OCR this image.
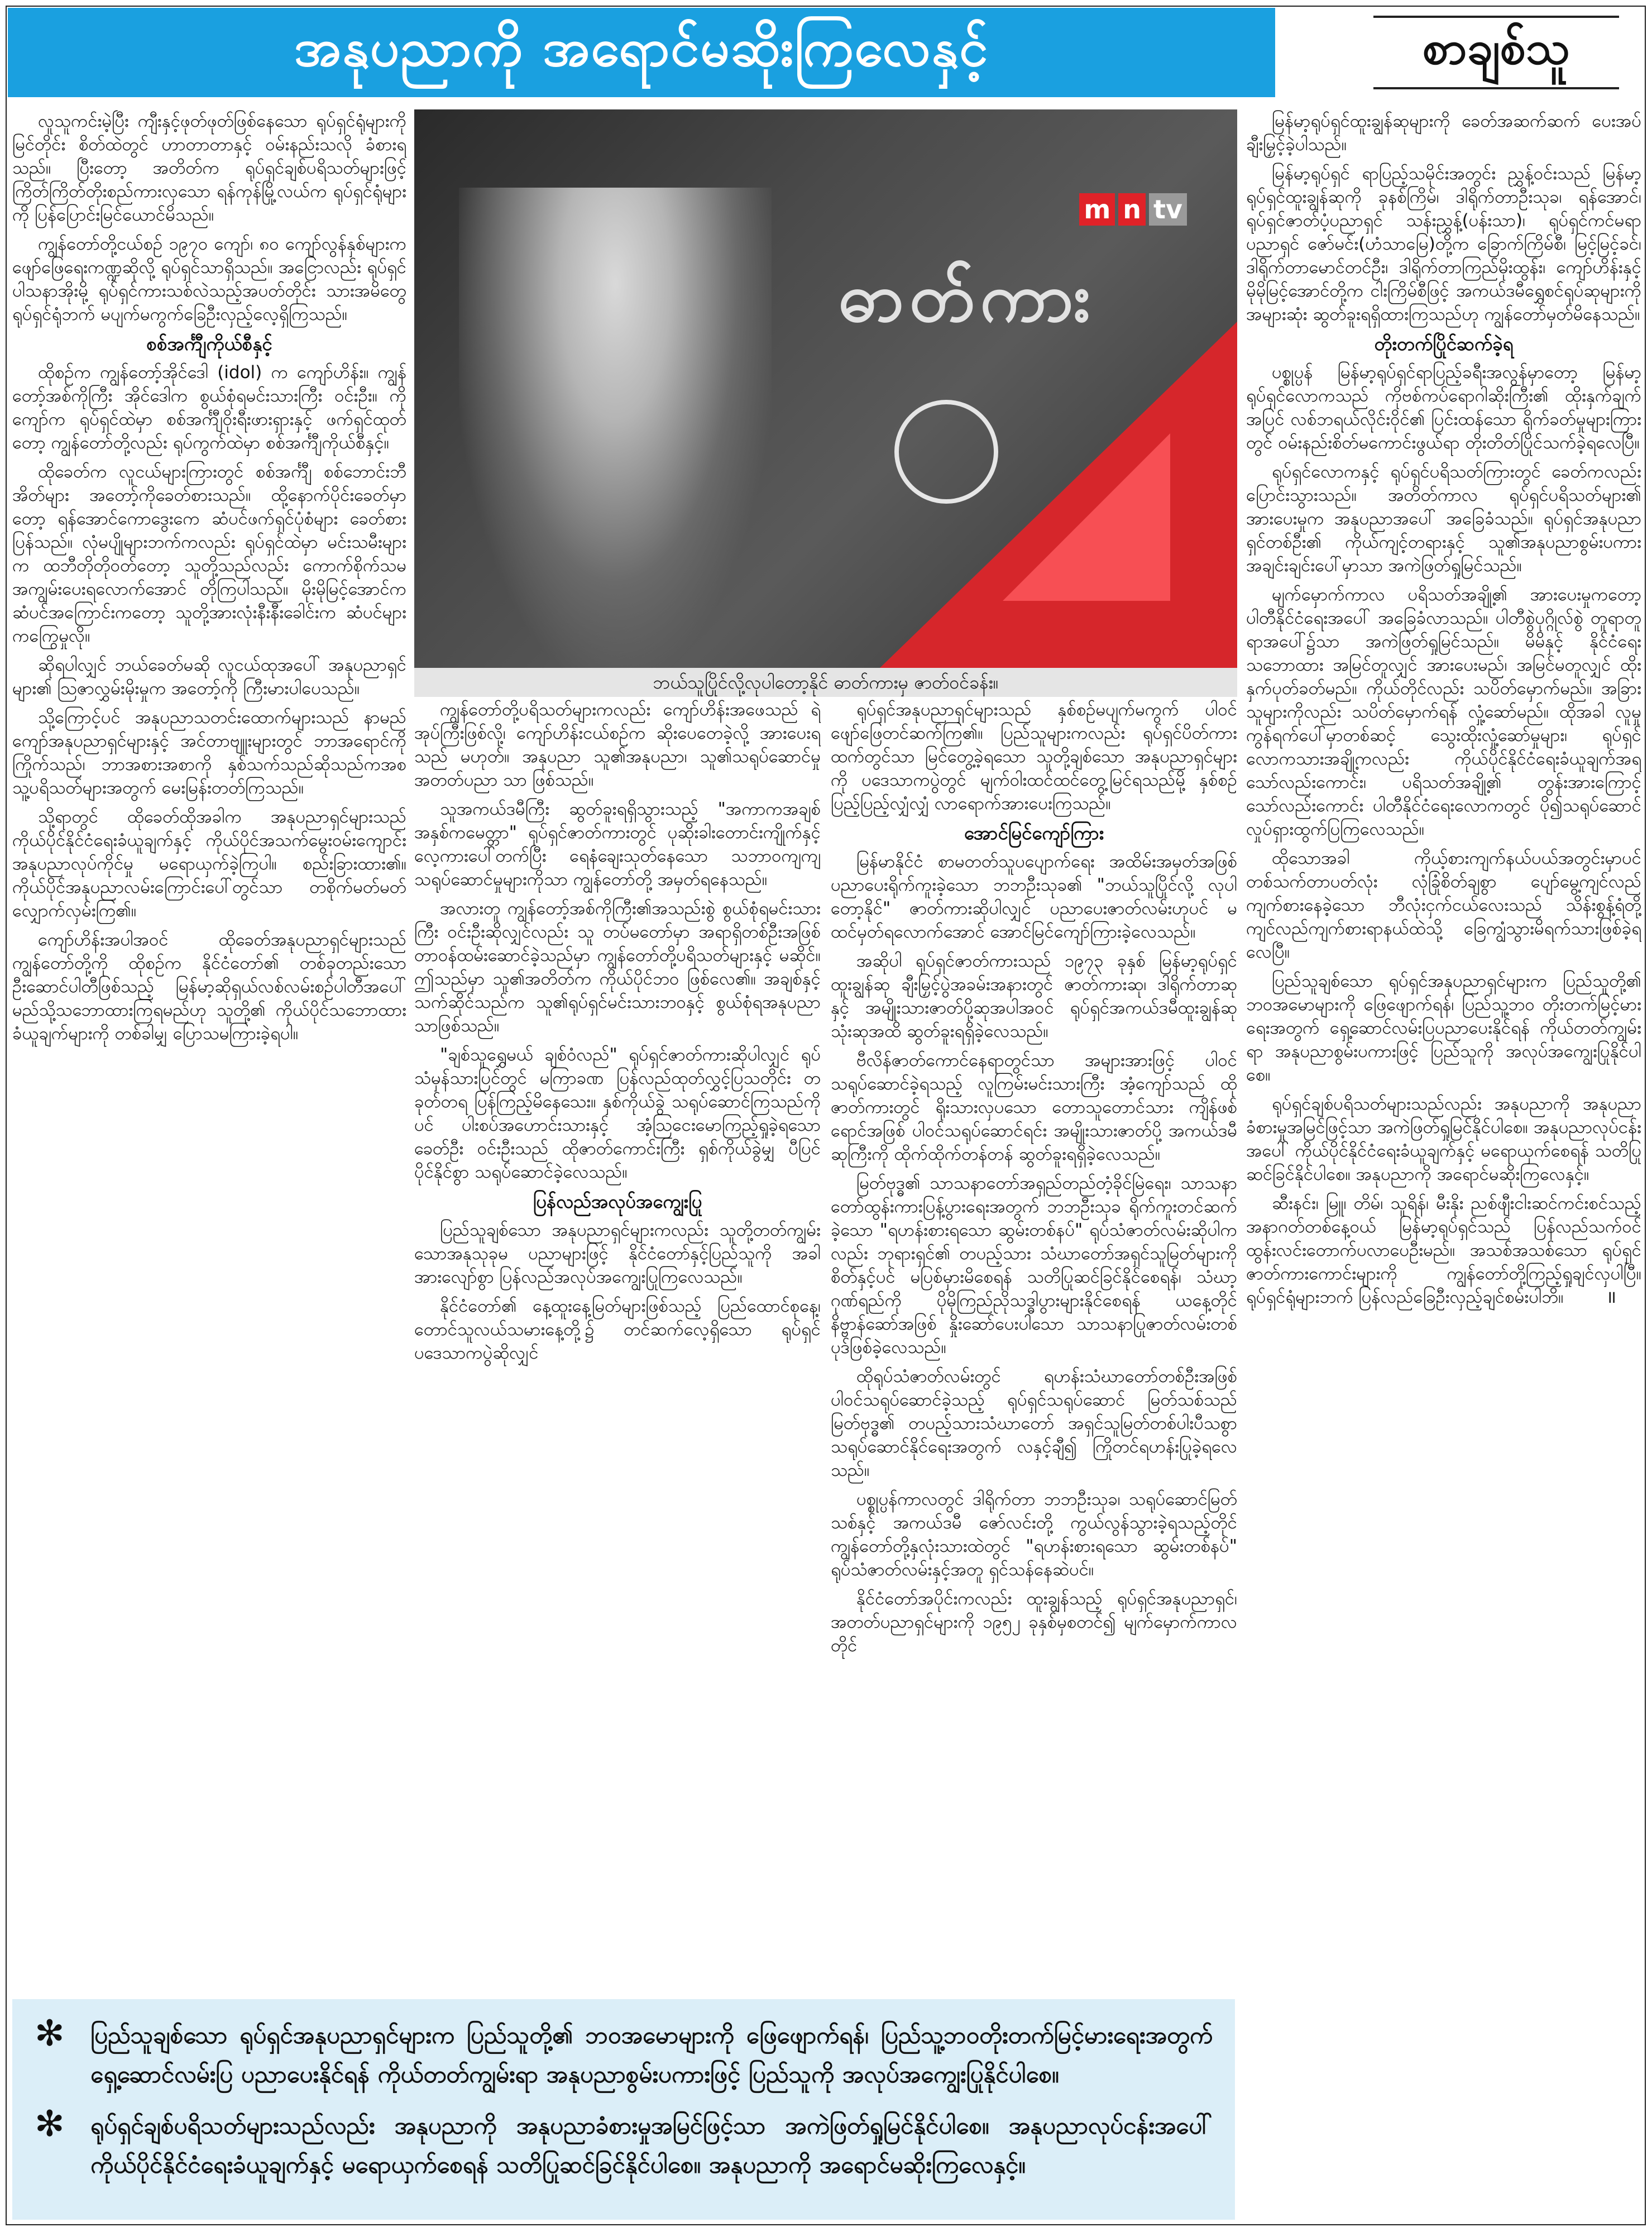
အနုပညာကို အရောင်မဆိုးကြလေနှင့်	စာချစ်သူ

လူသူကင်းမဲ့ပြီး ကျီးနှင့်ဖုတ်ဖုတ်ဖြစ်နေသော ရုပ်ရှင်ရုံများကိုမြင်တိုင်း စိတ်ထဲတွင် ဟာတာတာနှင့် ဝမ်းနည်းသလို ခံစားရသည်။ ပြီးတော့ အတိတ်က ရုပ်ရှင်ချစ်ပရိသတ်များဖြင့် ကြိတ်ကြိတ်တိုးစည်ကားလှသော ရန်ကုန်မြို့လယ်က ရုပ်ရှင်ရုံများကို ပြန်ပြောင်းမြင်ယောင်မိသည်။

ကျွန်တော်တို့ငယ်စဉ် ၁၉၇၀ ကျော်၊ ၈၀ ကျော်လွန်နှစ်များက ဖျော်ဖြေရေးကဏ္ဍဆိုလို့ ရုပ်ရှင်သာရှိသည်။ အငြောလည်း ရုပ်ရှင်ပါသနာအိုးမို့ ရုပ်ရှင်ကားသစ်လဲသည့်အပတ်တိုင်း သားအမိတွေ ရုပ်ရှင်ရုံဘက် မပျက်မကွက်ခြေဦးလှည့်လေ့ရှိကြသည်။

စစ်အင်္ကျီကိုယ်စီနှင့်

ထိုစဉ်က ကျွန်တော့်အိုင်ဒေါ (idol) က ကျော်ဟိန်း။ ကျွန်တော့်အစ်ကိုကြီး အိုင်ဒေါက စွယ်စုံရမင်းသားကြီး ဝင်းဦး။ ကိုကျော်က ရုပ်ရှင်ထဲမှာ စစ်အင်္ကျီဝိုးရီးဖားရှားနှင့် ဖက်ရှင်ထုတ်တော့ ကျွန်တော်တို့လည်း ရုပ်ကွက်ထဲမှာ စစ်အင်္ကျီကိုယ်စီနှင့်။

ထိုခေတ်က လူငယ်များကြားတွင် စစ်အင်္ကျီ စစ်ဘောင်းဘီအိတ်များ အတော့်ကိုခေတ်စားသည်။ ထို့နောက်ပိုင်းခေတ်မှာတော့ ရန်အောင်ကောဒွေးကေ ဆံပင်ဖက်ရှင်ပုံစံများ ခေတ်စားပြန်သည်။ လုံမပျိုများဘက်ကလည်း ရုပ်ရှင်ထဲမှာ မင်းသမီးများက ထဘီတိုတိုဝတ်တော့ သူတို့သည်လည်း ကောက်စိုက်သမ အကျွမ်းပေးရလောက်အောင် တိုကြပါသည်။ မိုးမိုမြင့်အောင်က ဆံပင်အကြောင်းကတော့ သူတို့အားလုံးနီးနီးခေါင်းက ဆံပင်များကကြွေမှုလို။

ဆိုရပါလျှင် ဘယ်ခေတ်မဆို လူငယ်ထုအပေါ် အနုပညာရှင်များ၏ ဩဇာလွှမ်းမိုးမှုက အတော့်ကို ကြီးမားပါပေသည်။

သို့ကြောင့်ပင် အနုပညာသတင်းထောက်များသည် နာမည်ကျော်အနုပညာရှင်များနှင့် အင်တာဗျူးများတွင် ဘာအရောင်ကို ကြိုက်သည်၊ ဘာအစားအစာကို နှစ်သက်သည်ဆိုသည်ကအစ သူ့ပရိသတ်များအတွက် မေးမြန်းတတ်ကြသည်။

သို့ရာတွင် ထိုခေတ်ထိုအခါက အနုပညာရှင်များသည် ကိုယ်ပိုင်နိုင်ငံရေးခံယူချက်နှင့် ကိုယ်ပိုင်အသက်မွေးဝမ်းကျောင်း အနုပညာလုပ်ကိုင်မှု မရောယှက်ခဲ့ကြပါ။ စည်းခြားထား၏။ ကိုယ်ပိုင်အနုပညာလမ်းကြောင်းပေါ်တွင်သာ တစိုက်မတ်မတ် လျှောက်လှမ်းကြ၏။

ကျော်ဟိန်းအပါအဝင် ထိုခေတ်အနုပညာရှင်များသည် ကျွန်တော်တို့ကို ထိုစဉ်က နိုင်ငံတော်၏ တစ်ခုတည်းသော ဦးဆောင်ပါတီဖြစ်သည့် မြန်မာ့ဆိုရှယ်လစ်လမ်းစဉ်ပါတီအပေါ် မည်သို့သဘောထားကြရမည်ဟု သူတို့၏ ကိုယ်ပိုင်သဘောထား ခံယူချက်များကို တစ်ခါမျှ ပြောသမကြားခဲ့ရပါ။

ဓာတ်ကား
m n tv
ဘယ်သူပြိုင်လို့လုပါတော့နိုင် ဓာတ်ကားမှ ဇာတ်ဝင်ခန်း။

ကျွန်တော်တို့ပရိသတ်များကလည်း ကျော်ဟိန်းအဖေသည် ရဲအုပ်ကြီးဖြစ်လို့၊ ကျော်ဟိန်းငယ်စဉ်က ဆိုးပေတေခဲ့လို့ အားပေးရသည် မဟုတ်။ အနုပညာ သူ၏အနုပညာ၊ သူ၏သရုပ်ဆောင်မှုအတတ်ပညာ သာ ဖြစ်သည်။

သူအကယ်ဒမီကြီး ဆွတ်ခူးရရှိသွားသည့် "အကာကအချစ် အနှစ်ကမေတ္တာ" ရုပ်ရှင်ဇာတ်ကားတွင် ပုဆိုးခါးတောင်းကျိုက်နှင့် လေ့ကားပေါ်တက်ပြီး ရေနံချေးသုတ်နေသော သဘာဝကျကျ သရုပ်ဆောင်မှုများကိုသာ ကျွန်တော်တို့ အမှတ်ရနေသည်။

အလားတူ ကျွန်တော့်အစ်ကိုကြီး၏အသည်းစွဲ စွယ်စုံရမင်းသားကြီး ဝင်းဦးဆိုလျှင်လည်း သူ တပ်မတော်မှာ အရာရှိတစ်ဦးအဖြစ် တာဝန်ထမ်းဆောင်ခဲ့သည်မှာ ကျွန်တော်တို့ပရိသတ်များနှင့် မဆိုင်။ ဤသည်မှာ သူ၏အတိတ်က ကိုယ်ပိုင်ဘဝ ဖြစ်လေ၏။ အချစ်နှင့်သက်ဆိုင်သည်က သူ၏ရုပ်ရှင်မင်းသားဘဝနှင့် စွယ်စုံရအနုပညာသာဖြစ်သည်။

"ချစ်သူရွှေမယ် ချစ်ဝံလည်" ရုပ်ရှင်ဇာတ်ကားဆိုပါလျှင် ရုပ်သံမှန်သားပြင်တွင် မကြာခဏ ပြန်လည်ထုတ်လွှင့်ပြသတိုင်း တခုတ်တရ ပြန်ကြည့်မိနေသေး။ နှစ်ကိုယ်ခွဲ သရုပ်ဆောင်ကြသည်ကိုပင် ပါးစပ်အဟောင်းသားနှင့် အံ့ဩငေးမောကြည့်ရှုခဲ့ရသော ခေတ်ဦး ဝင်းဦးသည် ထိုဇာတ်ကောင်းကြီး ရှစ်ကိုယ်ခွဲမျှ ပီပြင်ပိုင်နိုင်စွာ သရုပ်ဆောင်ခဲ့လေသည်။

ပြန်လည်အလုပ်အကျွေးပြု

ပြည်သူချစ်သော အနုပညာရှင်များကလည်း သူတို့တတ်ကျွမ်းသောအနုသုခုမ ပညာများဖြင့် နိုင်ငံတော်နှင့်ပြည်သူကို အခါအားလျော်စွာ ပြန်လည်အလုပ်အကျွေးပြုကြလေသည်။

နိုင်ငံတော်၏ နေ့ထူးနေ့မြတ်များဖြစ်သည့် ပြည်ထောင်စုနေ့၊ တောင်သူလယ်သမားနေ့တို့၌ တင်ဆက်လေ့ရှိသော ရုပ်ရှင်ပဒေသာကပွဲဆိုလျှင်

ရုပ်ရှင်အနုပညာရှင်များသည် နှစ်စဉ်မပျက်မကွက် ပါဝင်ဖျော်ဖြေတင်ဆက်ကြ၏။ ပြည်သူများကလည်း ရုပ်ရှင်ပိတ်ကားထက်တွင်သာ မြင်တွေ့ခဲ့ရသော သူတို့ချစ်သော အနုပညာရှင်များကို ပဒေသာကပွဲတွင် မျက်ဝါးထင်ထင်တွေ့မြင်ရသည်မို့ နှစ်စဉ်ပြည့်ပြည့်လျှံလျှံ လာရောက်အားပေးကြသည်။

အောင်မြင်ကျော်ကြား

မြန်မာနိုင်ငံ စာမတတ်သူပပျောက်ရေး အထိမ်းအမှတ်အဖြစ် ပညာပေးရိုက်ကူးခဲ့သော ဘဘဦးသုခ၏ "ဘယ်သူပြိုင်လို့ လုပါတော့နိုင်" ဇာတ်ကားဆိုပါလျှင် ပညာပေးဇာတ်လမ်းဟုပင် မထင်မှတ်ရလောက်အောင် အောင်မြင်ကျော်ကြားခဲ့လေသည်။

အဆိုပါ ရုပ်ရှင်ဇာတ်ကားသည် ၁၉၇၃ ခုနှစ် မြန်မာ့ရုပ်ရှင်ထူးချွန်ဆု ချီးမြှင့်ပွဲအခမ်းအနားတွင် ဇာတ်ကားဆု၊ ဒါရိုက်တာဆုနှင့် အမျိုးသားဇာတ်ပို့ဆုအပါအဝင် ရုပ်ရှင်အကယ်ဒမီထူးချွန်ဆု သုံးဆုအထိ ဆွတ်ခူးရရှိခဲ့လေသည်။

ဗီလိန်ဇာတ်ကောင်နေရာတွင်သာ အများအားဖြင့် ပါဝင်သရုပ်ဆောင်ခဲ့ရသည့် လူကြမ်းမင်းသားကြီး အံ့ကျော်သည် ထိုဇာတ်ကားတွင် ရိုးသားလှပသော တောသူတောင်သား ကျိန်ဖစ်ရောင်အဖြစ် ပါဝင်သရုပ်ဆောင်ရင်း အမျိုးသားဇာတ်ပို့ အကယ်ဒမီဆုကြီးကို ထိုက်ထိုက်တန်တန် ဆွတ်ခူးရရှိခဲ့လေသည်။

မြတ်ဗုဒ္ဓ၏ သာသနာတော်အရှည်တည်တံ့ခိုင်မြဲရေး၊ သာသနာတော်ထွန်းကားပြန့်ပွားရေးအတွက် ဘဘဦးသုခ ရိုက်ကူးတင်ဆက်ခဲ့သော "ရဟန်းစားရသော ဆွမ်းတစ်နပ်" ရုပ်သံဇာတ်လမ်းဆိုပါကလည်း ဘုရားရှင်၏ တပည့်သား သံဃာတော်အရှင်သူမြတ်များကို စိတ်နှင့်ပင် မပြစ်မှားမိစေရန် သတိပြုဆင်ခြင်နိုင်စေရန်၊ သံဃာ့ဂုဏ်ရည်ကို ပိုမိုကြည်ညိုသဒ္ဓါပွားများနိုင်စေရန် ယနေ့တိုင် နိဗ္ဗာန်ဆော်အဖြစ် နှိုးဆော်ပေးပါသော သာသနာပြုဇာတ်လမ်းတစ်ပုဒ်ဖြစ်ခဲ့လေသည်။

ထိုရုပ်သံဇာတ်လမ်းတွင် ရဟန်းသံဃာတော်တစ်ဦးအဖြစ် ပါဝင်သရုပ်ဆောင်ခဲ့သည့် ရုပ်ရှင်သရုပ်ဆောင် မြတ်သစ်သည် မြတ်ဗုဒ္ဓ၏ တပည့်သားသံဃာတော် အရှင်သူမြတ်တစ်ပါးပီသစွာ သရုပ်ဆောင်နိုင်ရေးအတွက် လနှင့်ချီ၍ ကြိုတင်ရဟန်းပြုခဲ့ရလေသည်။

ပစ္စုပ္ပန်ကာလတွင် ဒါရိုက်တာ ဘဘဦးသုခ၊ သရုပ်ဆောင်မြတ်သစ်နှင့် အကယ်ဒမီ ဇော်လင်းတို့ ကွယ်လွန်သွားခဲ့ရသည့်တိုင် ကျွန်တော်တို့နှလုံးသားထဲတွင် "ရဟန်းစားရသော ဆွမ်းတစ်နပ်" ရုပ်သံဇာတ်လမ်းနှင့်အတူ ရှင်သန်နေဆဲပင်။

နိုင်ငံတော်အပိုင်းကလည်း ထူးချွန်သည့် ရုပ်ရှင်အနုပညာရှင်၊ အတတ်ပညာရှင်များကို ၁၉၅၂ ခုနှစ်မှစတင်၍ မျက်မှောက်ကာလတိုင်

မြန်မာ့ရုပ်ရှင်ထူးချွန်ဆုများကို ခေတ်အဆက်ဆက် ပေးအပ်ချီးမြှင့်ခဲ့ပါသည်။

မြန်မာ့ရုပ်ရှင် ရာပြည့်သမိုင်းအတွင်း ညွှန့်ဝင်းသည် မြန်မာ့ရုပ်ရှင်ထူးချွန်ဆုကို ခုနစ်ကြိမ်၊ ဒါရိုက်တာဦးသုခ၊ ရန်အောင်၊ ရုပ်ရှင်ဇာတ်ပံ့ပညာရှင် သန်းညွှန့်(ပန်းသာ)၊ ရုပ်ရှင်ကင်မရာပညာရှင် ဇော်မင်း(ဟံသာမြေ)တို့က ခြောက်ကြိမ်စီ၊ မြင့်မြင့်ခင်၊ ဒါရိုက်တာမောင်တင်ဦး၊ ဒါရိုက်တာကြည်မိုးထွန်း၊ ကျော်ဟိန်းနှင့် မိုမိုမြင့်အောင်တို့က ငါးကြိမ်စီဖြင့် အကယ်ဒမီရွှေစင်ရုပ်ဆုများကို အများဆုံး ဆွတ်ခူးရရှိထားကြသည်ဟု ကျွန်တော်မှတ်မိနေသည်။

တိုးတက်ပြိုင်ဆက်ခဲ့ရ

ပစ္စုပ္ပန် မြန်မာ့ရုပ်ရှင်ရာပြည့်ခရီးအလွန်မှာတော့ မြန်မာ့ရုပ်ရှင်လောကသည် ကိုဗစ်ကပ်ရောဂါဆိုးကြီး၏ ထိုးနှက်ချက်အပြင် လစ်ဘရယ်လိုင်းဝိုင်၏ ပြင်းထန်သော ရိုက်ခတ်မှုများကြားတွင် ဝမ်းနည်းစိတ်မကောင်းဖွယ်ရာ တိုးတိတ်ပြိုင်သက်ခဲ့ရလေပြီ။

ရုပ်ရှင်လောကနှင့် ရုပ်ရှင်ပရိသတ်ကြားတွင် ခေတ်ကလည်း ပြောင်းသွားသည်။ အတိတ်ကာလ ရုပ်ရှင်ပရိသတ်များ၏ အားပေးမှုက အနုပညာအပေါ် အခြေခံသည်။ ရုပ်ရှင်အနုပညာရှင်တစ်ဦး၏ ကိုယ်ကျင့်တရားနှင့် သူ၏အနုပညာစွမ်းပကားအချင်းချင်းပေါ်မှာသာ အကဲဖြတ်ရှုမြင်သည်။

မျက်မှောက်ကာလ ပရိသတ်အချို့၏ အားပေးမှုကတော့ ပါတီနိုင်ငံရေးအပေါ် အခြေခံလာသည်။ ပါတီစွဲပုဂ္ဂိုလ်စွဲ တူရာတူရာအပေါ်၌သာ အကဲဖြတ်ရှုမြင်သည်။ မိမိနှင့် နိုင်ငံရေးသဘောထား အမြင်တူလျှင် အားပေးမည်၊ အမြင်မတူလျှင် ထိုးနှက်ပုတ်ခတ်မည်။ ကိုယ်တိုင်လည်း သပိတ်မှောက်မည်။ အခြားသူများကိုလည်း သပိတ်မှောက်ရန် လှုံ့ဆော်မည်။ ထိုအခါ လူမှုကွန်ရက်ပေါ်မှာတစ်ဆင့် သွေးထိုးလှုံ့ဆော်မှုများ၊ ရုပ်ရှင်လောကသားအချို့ကလည်း ကိုယ်ပိုင်နိုင်ငံရေးခံယူချက်အရသော်လည်းကောင်း၊ ပရိသတ်အချို့၏ တွန်းအားကြောင့်သော်လည်းကောင်း ပါတီနိုင်ငံရေးလောကတွင် ပို၍သရုပ်ဆောင် လှုပ်ရှားထွက်ပြကြလေသည်။

ထိုသောအခါ ကိုယ့်စားကျက်နယ်ပယ်အတွင်းမှာပင် တစ်သက်တာပတ်လုံး လုံခြုံစိတ်ချစွာ ပျော်မွေ့ကျင်လည်ကျက်စားနေခဲ့သော ဘီလုံးငှက်ငယ်လေးသည် သိန်းစွန့်ရံတို့ ကျင်လည်ကျက်စားရာနယ်ထဲသို့ ခြေကျွံသွားမိရက်သားဖြစ်ခဲ့ရလေပြီ။

ပြည်သူချစ်သော ရုပ်ရှင်အနုပညာရှင်များက ပြည်သူတို့၏ ဘဝအမောများကို ဖြေဖျောက်ရန်၊ ပြည်သူ့ဘဝ တိုးတက်မြင့်မားရေးအတွက် ရှေ့ဆောင်လမ်းပြပညာပေးနိုင်ရန် ကိုယ်တတ်ကျွမ်းရာ အနုပညာစွမ်းပကားဖြင့် ပြည်သူကို အလုပ်အကျွေးပြုနိုင်ပါစေ။

ရုပ်ရှင်ချစ်ပရိသတ်များသည်လည်း အနုပညာကို အနုပညာခံစားမှုအမြင်ဖြင့်သာ အကဲဖြတ်ရှုမြင်နိုင်ပါစေ။ အနုပညာလုပ်ငန်းအပေါ် ကိုယ်ပိုင်နိုင်ငံရေးခံယူချက်နှင့် မရောယှက်စေရန် သတိပြုဆင်ခြင်နိုင်ပါစေ။ အနုပညာကို အရောင်မဆိုးကြလေနှင့်။

ဆီးနင်း၊ မြူ၊ တိမ်၊ သူရိန်၊ မီးနိုး ညစ်ဖျီးငါးဆင်ကင်းစင်သည့် အနာဂတ်တစ်နေ့ဝယ် မြန်မာ့ရုပ်ရှင်သည် ပြန်လည်သက်ဝင်ထွန်းလင်းတောက်ပလာပေဦးမည်။ အသစ်အသစ်သော ရုပ်ရှင်ဇာတ်ကားကောင်းများကို ကျွန်တော်တို့ကြည့်ရှုချင်လှပါပြီ။ ရုပ်ရှင်ရုံများဘက် ပြန်လည်ခြေဦးလှည့်ချင်စမ်းပါဘိ။ ॥

✻ ပြည်သူချစ်သော ရုပ်ရှင်အနုပညာရှင်များက ပြည်သူတို့၏ ဘဝအမောများကို ဖြေဖျောက်ရန်၊ ပြည်သူ့ဘဝတိုးတက်မြင့်မားရေးအတွက် ရှေ့ဆောင်လမ်းပြ ပညာပေးနိုင်ရန် ကိုယ်တတ်ကျွမ်းရာ အနုပညာစွမ်းပကားဖြင့် ပြည်သူကို အလုပ်အကျွေးပြုနိုင်ပါစေ။
✻ ရုပ်ရှင်ချစ်ပရိသတ်များသည်လည်း အနုပညာကို အနုပညာခံစားမှုအမြင်ဖြင့်သာ အကဲဖြတ်ရှုမြင်နိုင်ပါစေ။ အနုပညာလုပ်ငန်းအပေါ် ကိုယ်ပိုင်နိုင်ငံရေးခံယူချက်နှင့် မရောယှက်စေရန် သတိပြုဆင်ခြင်နိုင်ပါစေ။ အနုပညာကို အရောင်မဆိုးကြလေနှင့်။
